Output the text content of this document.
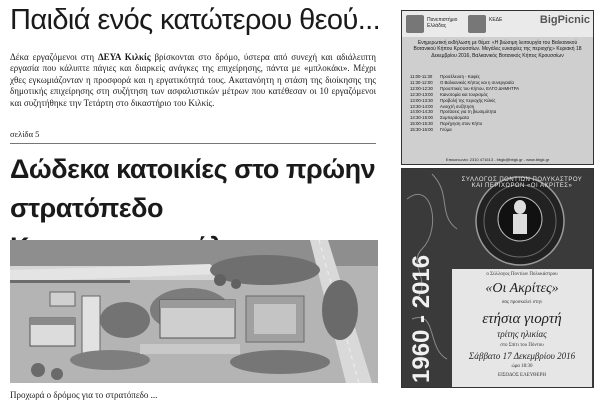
Παιδιά ενός κατώτερου θεού...

Δέκα εργαζόμενοι στη ΔΕΥΑ Κιλκίς βρίσκονται στο δρόμο, ύστερα από συνεχή και αδιάλειπτη εργασία που κάλυπτε πάγιες και διαρκείς ανάγκες της επιχείρησης, πάντα με «μπλοκάκι». Μέχρι χθες εγκωμιάζονταν η προσφορά και η εργατικότητά τους. Ακατανόητη η στάση της διοίκησης της δημοτικής επιχείρησης στη συζήτηση των ασφαλιστικών μέτρων που κατέθεσαν οι 10 εργαζόμενοι και συζητήθηκε την Τετάρτη στο δικαστήριο του Κιλκίς.

σελίδα 5

Δώδεκα κατοικίες στο πρώην στρατόπεδο

Προχωρά ο δρόμος για το στρατόπεδο ...

Πανεπιστήμιο Ελλάδας
ΚΕΔΕ	BigPicnic
Ενημερωτική εκδήλωση με θέμα: «Η βιώσιμη λειτουργία του Βαλκανικού Βοτανικού Κήπου Κρουσσίων. Μεγάλες ευκαιρίες της περιοχής» Κυριακή 18 Δεκεμβρίου 2016, Βαλκανικός Βοτανικός Κήπος Κρουσσίων
11:00-11:30	Προσέλευση - Καφές
11:30-12:00	Ο Βαλκανικός Κήπος και η συνεργασία
12:00-12:30	Προοπτικές του Κήπου, ΕΛΓΟ ΔΗΜΗΤΡΑ
12:30-13:00	Καινοτομία και τουρισμός
13:00-13:30	Προβολή της περιοχής Κιλκίς
13:30-14:00	Ανοιχτή συζήτηση
14:00-14:30	Προτάσεις για τη βιωσιμότητα
14:30-15:00	Συμπεράσματα
15:00-15:30	Περιήγηση στον Κήπο
15:30-16:00	Γεύμα
Επικοινωνία: 2310 471613 - bbgk@bbgk.gr - www.bbgk.gr
ΣΥΛΛΟΓΟΣ ΠΟΝΤΙΩΝ ΠΟΛΥΚΑΣΤΡΟΥ ΚΑΙ ΠΕΡΙΧΩΡΩΝ «ΟΙ ΑΚΡΙΤΕΣ»
ο Σύλλογος Ποντίων Πολυκάστρου
«Οι Ακρίτες»
σας προσκαλεί στην
ετήσια γιορτή
τρίτης ηλικίας
στο Σπίτι του Πόντου
Σάββατο 17 Δεκεμβρίου 2016
ώρα 18:30
ΕΙΣΟΔΟΣ ΕΛΕΥΘΕΡΗ
1960 - 2016
